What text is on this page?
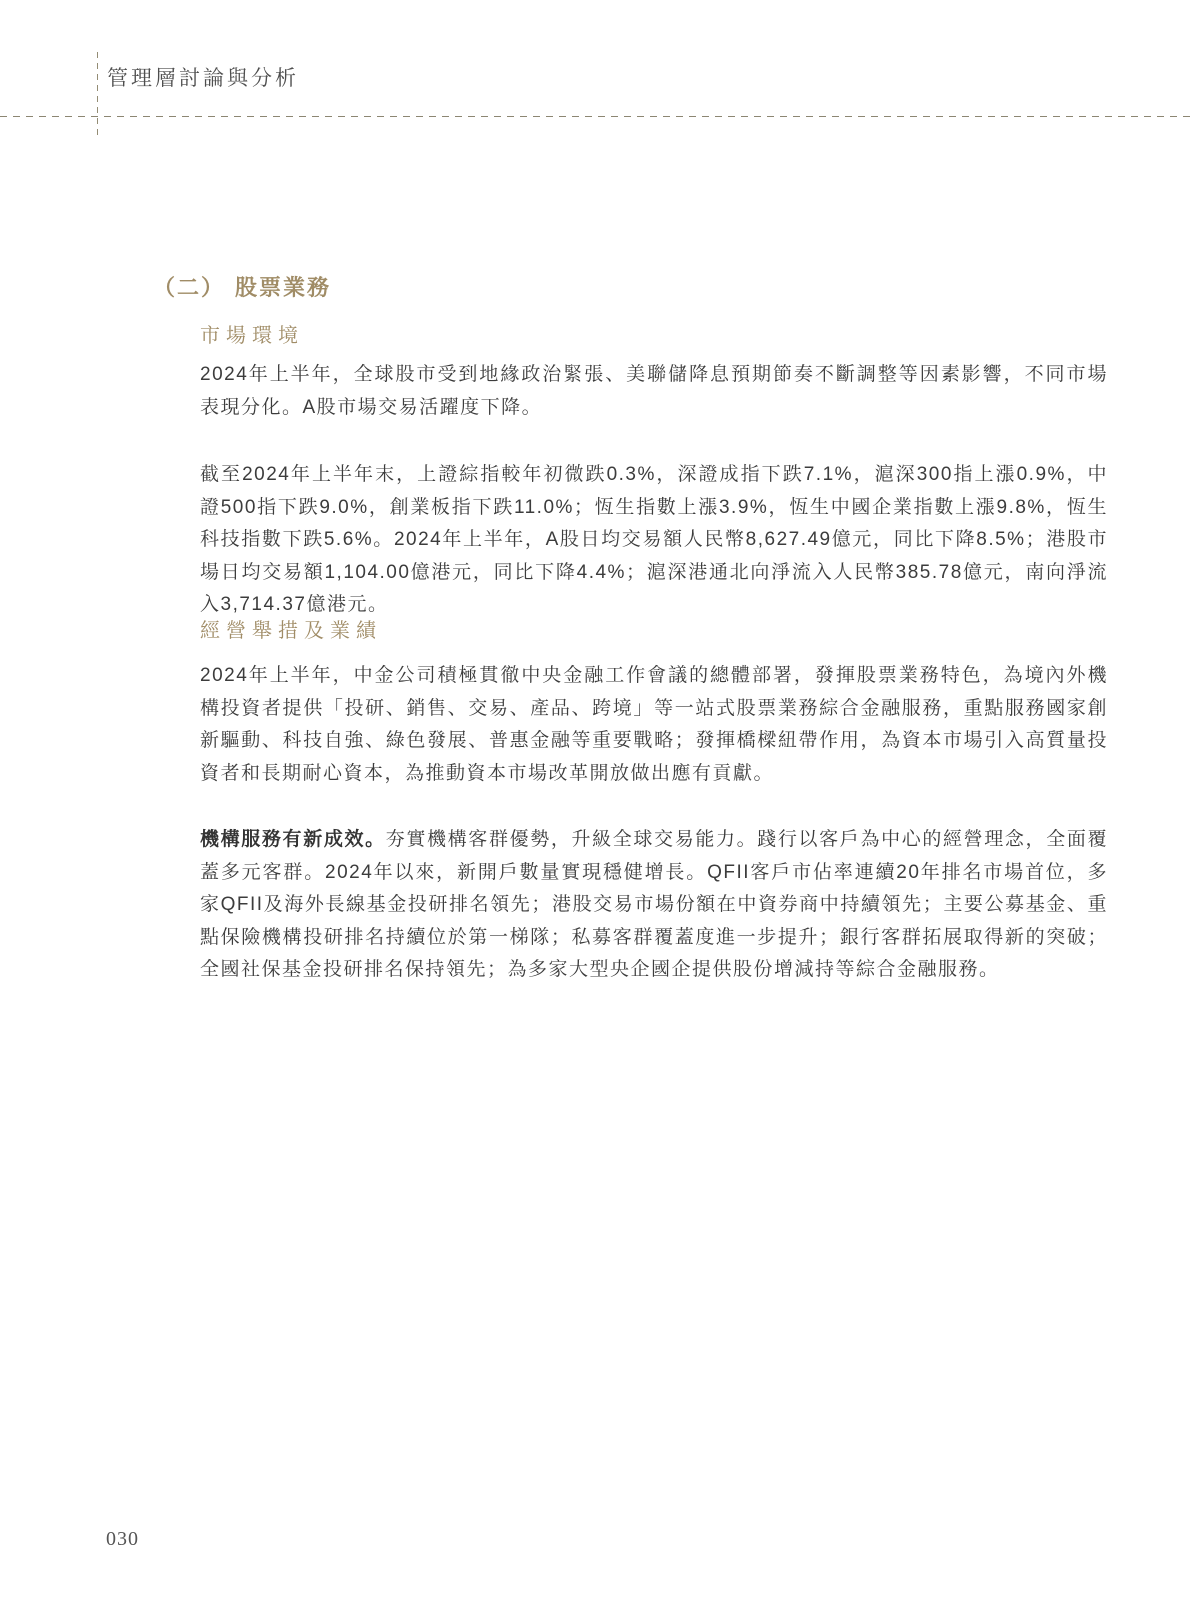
管理層討論與分析
（二） 股票業務
市場環境
2024年上半年，全球股市受到地緣政治緊張、美聯儲降息預期節奏不斷調整等因素影響，不同市場表現分化。A股市場交易活躍度下降。
截至2024年上半年末，上證綜指較年初微跌0.3%，深證成指下跌7.1%，滬深300指上漲0.9%，中證500指下跌9.0%，創業板指下跌11.0%；恆生指數上漲3.9%，恆生中國企業指數上漲9.8%，恆生科技指數下跌5.6%。2024年上半年，A股日均交易額人民幣8,627.49億元，同比下降8.5%；港股市場日均交易額1,104.00億港元，同比下降4.4%；滬深港通北向淨流入人民幣385.78億元，南向淨流入3,714.37億港元。
經營舉措及業績
2024年上半年，中金公司積極貫徹中央金融工作會議的總體部署，發揮股票業務特色，為境內外機構投資者提供「投研、銷售、交易、產品、跨境」等一站式股票業務綜合金融服務，重點服務國家創新驅動、科技自強、綠色發展、普惠金融等重要戰略；發揮橋樑紐帶作用，為資本市場引入高質量投資者和長期耐心資本，為推動資本市場改革開放做出應有貢獻。
機構服務有新成效。夯實機構客群優勢，升級全球交易能力。踐行以客戶為中心的經營理念，全面覆蓋多元客群。2024年以來，新開戶數量實現穩健增長。QFII客戶市佔率連續20年排名市場首位，多家QFII及海外長線基金投研排名領先；港股交易市場份額在中資券商中持續領先；主要公募基金、重點保險機構投研排名持續位於第一梯隊；私募客群覆蓋度進一步提升；銀行客群拓展取得新的突破；全國社保基金投研排名保持領先；為多家大型央企國企提供股份增減持等綜合金融服務。
030
